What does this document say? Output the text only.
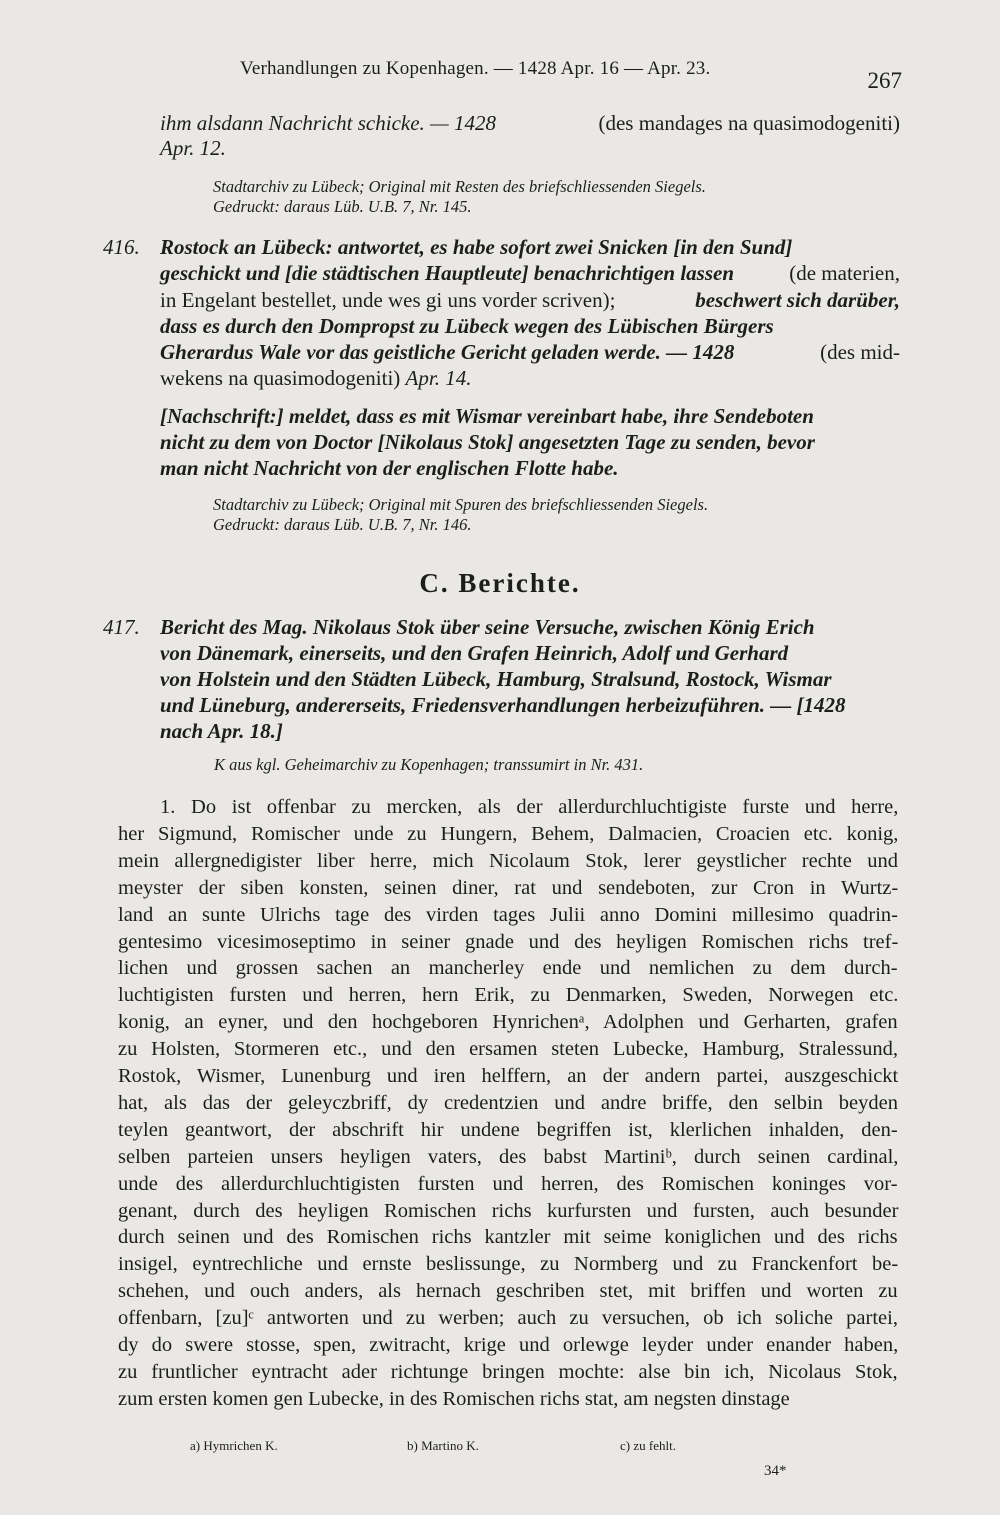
Verhandlungen zu Kopenhagen. — 1428 Apr. 16 — Apr. 23.	267
ihm alsdann Nachricht schicke. — 1428	(des mandages na quasimodogeniti)
Apr. 12.
Stadtarchiv zu Lübeck; Original mit Resten des briefschliessenden Siegels.
Gedruckt: daraus Lüb. U.B. 7, Nr. 145.
416. Rostock an Lübeck: antwortet, es habe sofort zwei Snicken [in den Sund]
geschickt und [die städtischen Hauptleute] benachrichtigen lassen	(de materien,
in Engelant bestellet, unde wes gi uns vorder scriven);	beschwert sich darüber,
dass es durch den Dompropst zu Lübeck wegen des Lübischen Bürgers
Gherardus Wale vor das geistliche Gericht geladen werde. — 1428	(des mid-
wekens na quasimodogeniti) Apr. 14.
[Nachschrift:] meldet, dass es mit Wismar vereinbart habe, ihre Sendeboten
nicht zu dem von Doctor [Nikolaus Stok] angesetzten Tage zu senden, bevor
man nicht Nachricht von der englischen Flotte habe.
Stadtarchiv zu Lübeck; Original mit Spuren des briefschliessenden Siegels.
Gedruckt: daraus Lüb. U.B. 7, Nr. 146.
C. Berichte.
417. Bericht des Mag. Nikolaus Stok über seine Versuche, zwischen König Erich
von Dänemark, einerseits, und den Grafen Heinrich, Adolf und Gerhard
von Holstein und den Städten Lübeck, Hamburg, Stralsund, Rostock, Wismar
und Lüneburg, andererseits, Friedensverhandlungen herbeizuführen. — [1428
nach Apr. 18.]
K aus kgl. Geheimarchiv zu Kopenhagen; transsumirt in Nr. 431.
1. Do ist offenbar zu mercken, als der allerdurchluchtigiste furste und herre,
her Sigmund, Romischer unde zu Hungern, Behem, Dalmacien, Croacien etc. konig,
mein allergnedigister liber herre, mich Nicolaum Stok, lerer geystlicher rechte und
meyster der siben konsten, seinen diner, rat und sendeboten, zur Cron in Wurtz-
land an sunte Ulrichs tage des virden tages Julii anno Domini millesimo quadrin-
gentesimo vicesimoseptimo in seiner gnade und des heyligen Romischen richs tref-
lichen und grossen sachen an mancherley ende und nemlichen zu dem durch-
luchtigisten fursten und herren, hern Erik, zu Denmarken, Sweden, Norwegen etc.
konig, an eyner, und den hochgeboren Hynrichenᵃ, Adolphen und Gerharten, grafen
zu Holsten, Stormeren etc., und den ersamen steten Lubecke, Hamburg, Stralessund,
Rostok, Wismer, Lunenburg und iren helffern, an der andern partei, auszgeschickt
hat, als das der geleyczbriff, dy credentzien und andre briffe, den selbin beyden
teylen geantwort, der abschrift hir undene begriffen ist, klerlichen inhalden, den-
selben parteien unsers heyligen vaters, des babst Martiniᵇ, durch seinen cardinal,
unde des allerdurchluchtigisten fursten und herren, des Romischen koninges vor-
genant, durch des heyligen Romischen richs kurfursten und fursten, auch besunder
durch seinen und des Romischen richs kantzler mit seime koniglichen und des richs
insigel, eyntrechliche und ernste beslissunge, zu Normberg und zu Franckenfort be-
schehen, und ouch anders, als hernach geschriben stet, mit briffen und worten zu
offenbarn, [zu]ᶜ antworten und zu werben; auch zu versuchen, ob ich soliche partei,
dy do swere stosse, spen, zwitracht, krige und orlewge leyder under enander haben,
zu fruntlicher eyntracht ader richtunge bringen mochte: alse bin ich, Nicolaus Stok,
zum ersten komen gen Lubecke, in des Romischen richs stat, am negsten dinstage
a) Hymrichen K.	b) Martino K.	c) zu fehlt.
34*
